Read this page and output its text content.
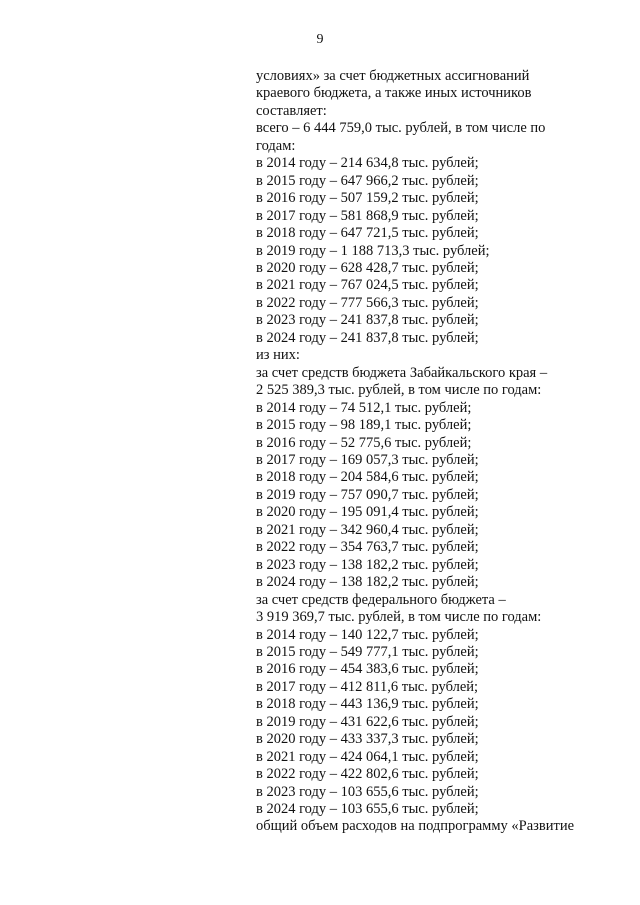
9
условиях» за счет бюджетных ассигнований
краевого бюджета, а также иных источников
составляет:
всего – 6 444 759,0 тыс. рублей, в том числе по
годам:
в 2014 году – 214 634,8 тыс. рублей;
в 2015 году – 647 966,2 тыс. рублей;
в 2016 году – 507 159,2 тыс. рублей;
в 2017 году – 581 868,9 тыс. рублей;
в 2018 году – 647 721,5 тыс. рублей;
в 2019 году – 1 188 713,3 тыс. рублей;
в 2020 году – 628 428,7 тыс. рублей;
в 2021 году – 767 024,5 тыс. рублей;
в 2022 году – 777 566,3 тыс. рублей;
в 2023 году – 241 837,8 тыс. рублей;
в 2024 году – 241 837,8 тыс. рублей;
из них:
за счет средств бюджета Забайкальского края –
2 525 389,3 тыс. рублей, в том числе по годам:
в 2014 году – 74 512,1 тыс. рублей;
в 2015 году – 98 189,1 тыс. рублей;
в 2016 году – 52 775,6 тыс. рублей;
в 2017 году – 169 057,3 тыс. рублей;
в 2018 году – 204 584,6 тыс. рублей;
в 2019 году – 757 090,7 тыс. рублей;
в 2020 году – 195 091,4 тыс. рублей;
в 2021 году – 342 960,4 тыс. рублей;
в 2022 году – 354 763,7 тыс. рублей;
в 2023 году – 138 182,2 тыс. рублей;
в 2024 году – 138 182,2 тыс. рублей;
за счет средств федерального бюджета –
3 919 369,7 тыс. рублей, в том числе по годам:
в 2014 году – 140 122,7 тыс. рублей;
в 2015 году – 549 777,1 тыс. рублей;
в 2016 году – 454 383,6 тыс. рублей;
в 2017 году – 412 811,6 тыс. рублей;
в 2018 году – 443 136,9 тыс. рублей;
в 2019 году – 431 622,6 тыс. рублей;
в 2020 году – 433 337,3 тыс. рублей;
в 2021 году – 424 064,1 тыс. рублей;
в 2022 году – 422 802,6 тыс. рублей;
в 2023 году – 103 655,6 тыс. рублей;
в 2024 году – 103 655,6 тыс. рублей;
общий объем расходов на подпрограмму «Развитие
